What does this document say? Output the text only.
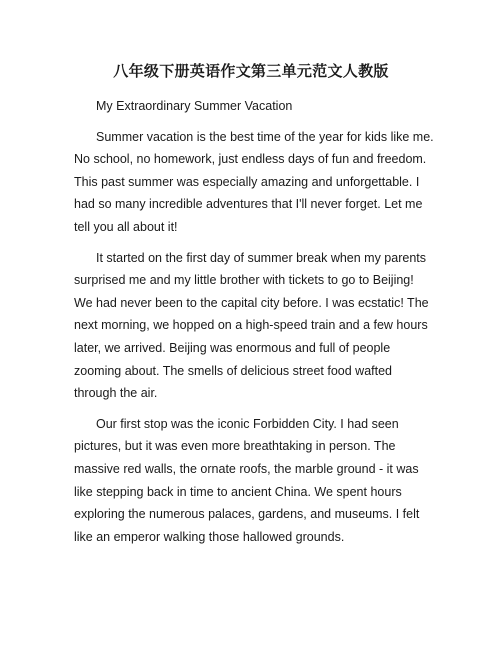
八年级下册英语作文第三单元范文人教版

My Extraordinary Summer Vacation

Summer vacation is the best time of the year for kids like me. No school, no homework, just endless days of fun and freedom. This past summer was especially amazing and unforgettable. I had so many incredible adventures that I'll never forget. Let me tell you all about it!

It started on the first day of summer break when my parents surprised me and my little brother with tickets to go to Beijing! We had never been to the capital city before. I was ecstatic! The next morning, we hopped on a high-speed train and a few hours later, we arrived. Beijing was enormous and full of people zooming about. The smells of delicious street food wafted through the air.

Our first stop was the iconic Forbidden City. I had seen pictures, but it was even more breathtaking in person. The massive red walls, the ornate roofs, the marble ground - it was like stepping back in time to ancient China. We spent hours exploring the numerous palaces, gardens, and museums. I felt like an emperor walking those hallowed grounds.
